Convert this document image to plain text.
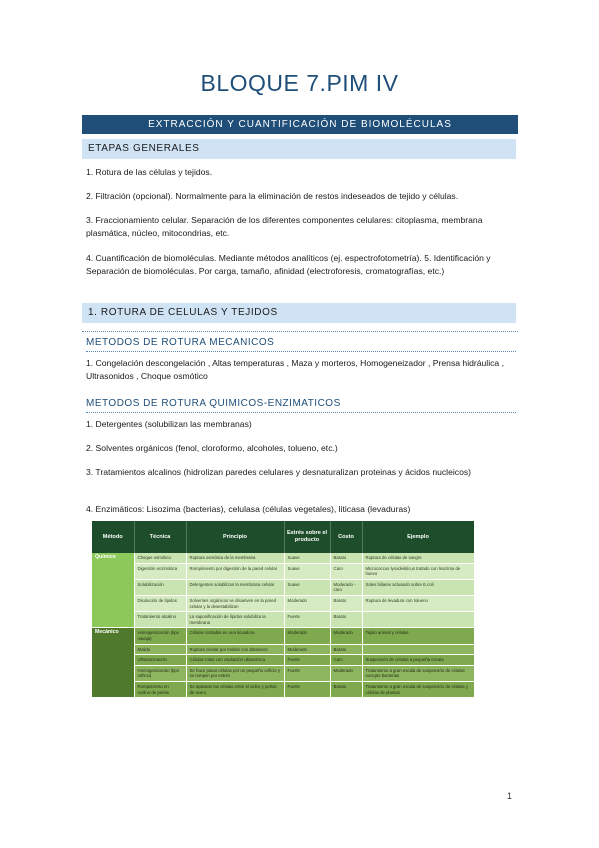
BLOQUE 7.PIM IV
EXTRACCIÓN Y CUANTIFICACIÓN DE BIOMOLÉCULAS
ETAPAS GENERALES
1. Rotura de las células y tejidos.
2. Filtración (opcional). Normalmente para la eliminación de restos indeseados de tejido y células.
3. Fraccionamiento celular. Separación de los diferentes componentes celulares: citoplasma, membrana plasmática, núcleo, mitocondrias, etc.
4. Cuantificación de biomoléculas. Mediante métodos analíticos (ej. espectrofotometría). 5. Identificación y Separación de biomoléculas. Por carga, tamaño, afinidad (electroforesis, cromatografías, etc.)
1. ROTURA DE CELULAS Y TEJIDOS
METODOS DE ROTURA MECANICOS
1. Congelación descongelación , Altas temperaturas , Maza y morteros, Homogeneizador , Prensa hidráulica , Ultrasonidos , Choque osmótico
METODOS DE ROTURA QUIMICOS-ENZIMATICOS
1. Detergentes (solubilizan las membranas)
2. Solventes orgánicos (fenol, cloroformo, alcoholes, tolueno, etc.)
3. Tratamientos alcalinos (hidrolizan paredes celulares y desnaturalizan proteinas y ácidos nucleicos)
4. Enzimáticos: Lisozima (bacterias), celulasa (células vegetales), liticasa (levaduras)
Método	Técnica	Principio	Estrés sobre el producto	Costo	Ejemplo
Químico	Choque osmótico	Ruptura osmótica de la membrana	Suave	Barato	Ruptura de células de sangre
	Digestión enzimática	Rompimiento por digestión de la pared celular	Suave	Caro	Micrococcus lysodeikticus tratado con lisozima de huevo
	Solubilización	Detergentes solubilizan la membrana celular	Suave	Moderado - caro	Sales biliares actuando sobre E.coli
	Disolución de lípidos	Solventes orgánicos se disuelven en la pared celular y la desestabilizan	Moderado	Barato	Ruptura de levadura con tolueno
	Tratamiento alcalino	La saponificación de lípidos solubiliza la membrana	Fuerte	Barato	
Mecánico	Homogenización (tipo navaja)	Células cortadas en una licuadora	Moderado	Moderado	Tejido animal y células
	Molido	Ruptura celular por molido con abrasivos	Moderado	Barato	
	Ultrasonicación	Células rotas con cavitación ultrasónica	Fuerte	Caro	Suspensión de células a pequeña escala
	Homogenización (tipo orificio)	Se hace pasar células por un pequeño orificio y se rompen por estrés	Fuerte	Moderado	Tratamiento a gran escala de suspensión de células excepto bacterias
	Rompimiento en molino de perlas	Se aplastan las células entre el vidrio y perlas de acero	Fuerte	Barato	Tratamiento a gran escala de suspensión de células y células de plantas
1
